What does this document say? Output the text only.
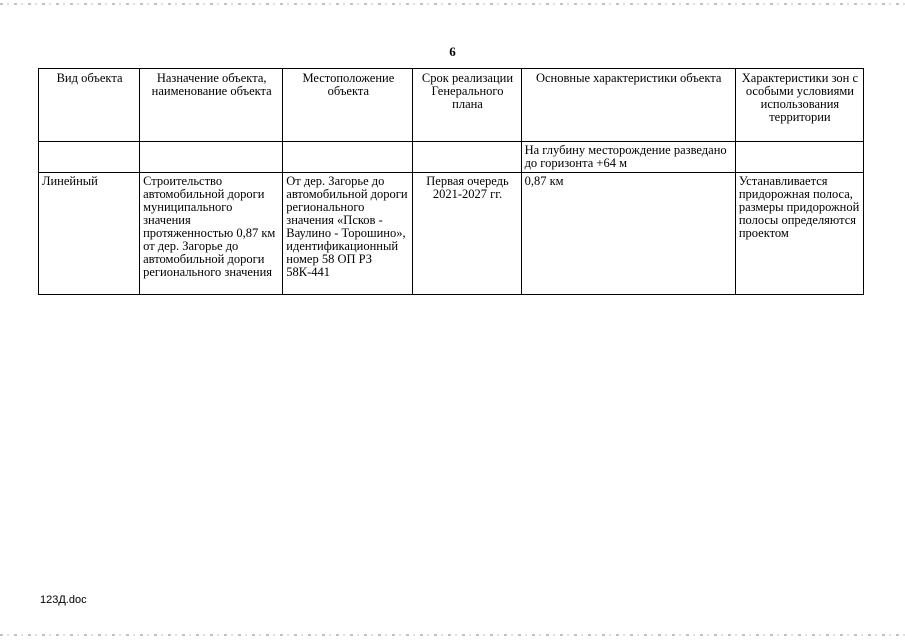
6
Вид объекта	Назначение объекта, наименование объекта	Местоположение объекта	Срок реализации Генерального плана	Основные характеристики объекта	Характеристики зон с особыми условиями использования территории
				На глубину месторождение разведано до горизонта +64 м	
Линейный	Строительство автомобильной дороги муниципального значения протяженностью 0,87 км от дер. Загорье до автомобильной дороги регионального значения	От дер. Загорье до автомобильной дороги регионального значения «Псков - Ваулино - Торошино», идентификационный номер 58 ОП РЗ 58К-441	Первая очередь 2021-2027 гг.	0,87 км	Устанавливается придорожная полоса, размеры придорожной полосы определяются проектом
123Д.doc
